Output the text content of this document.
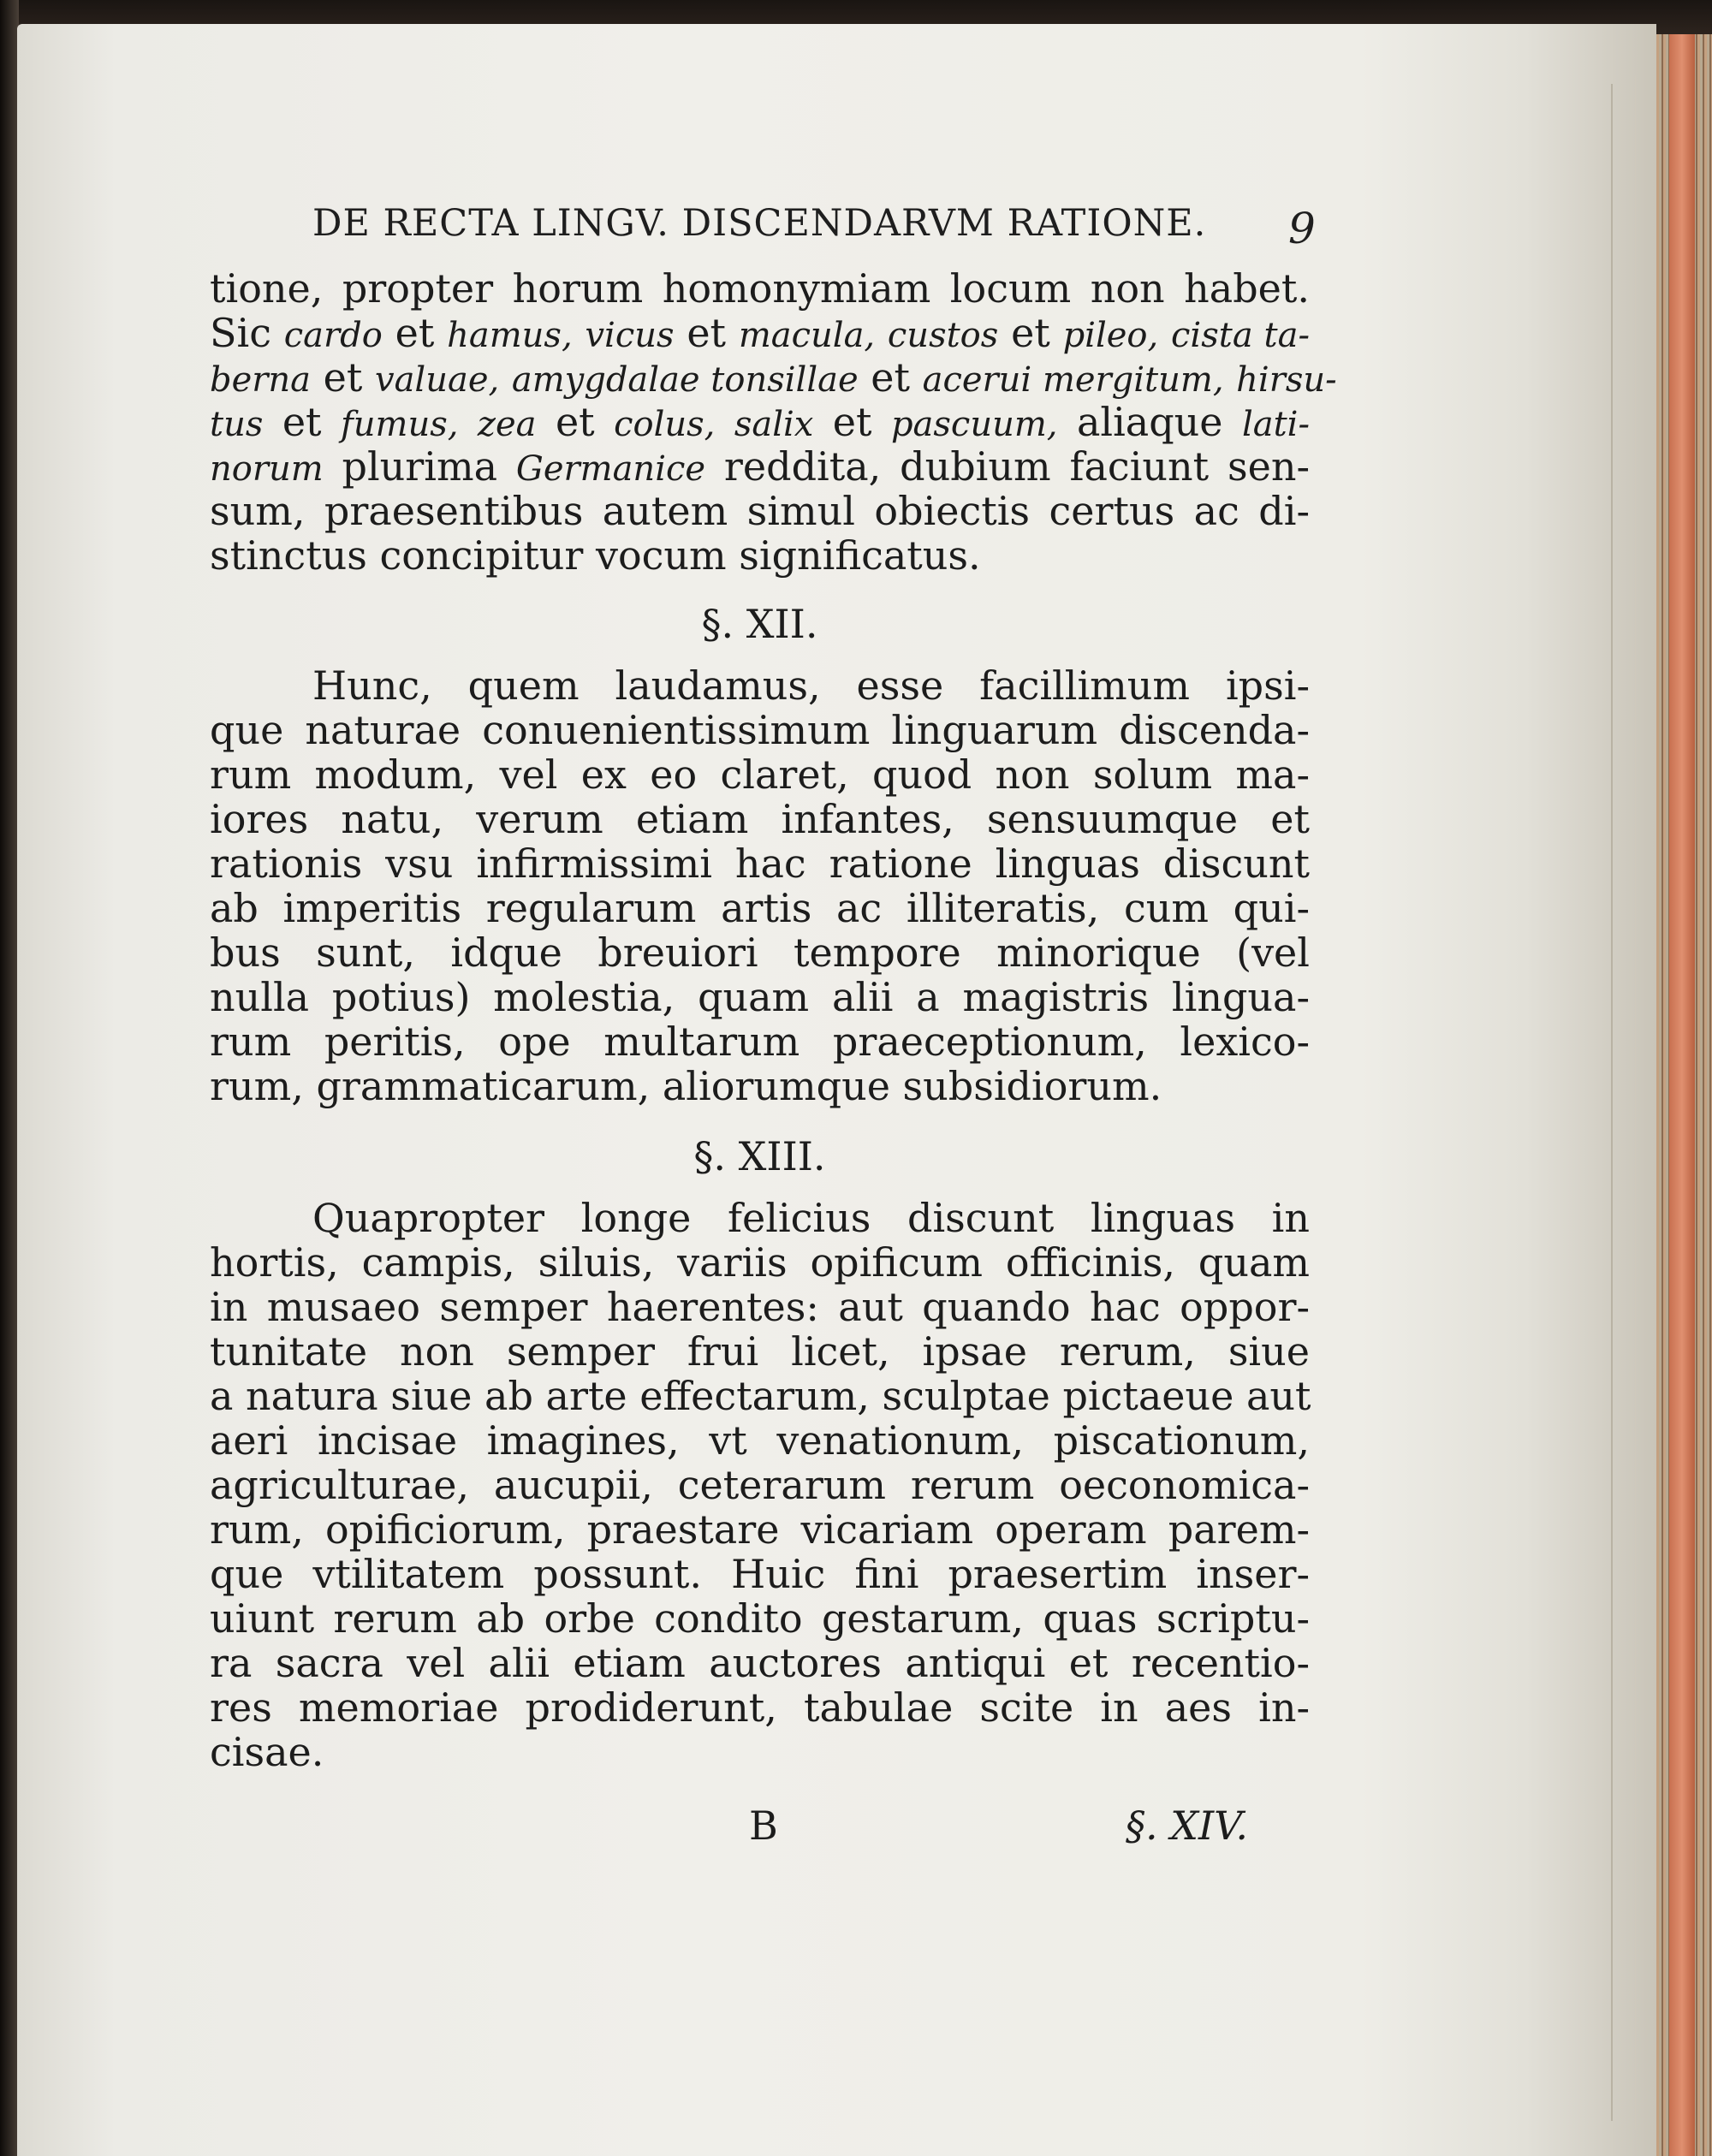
DE RECTA LINGV. DISCENDARVM RATIONE.	9
tione, propter horum homonymiam locum non habet.
Sic cardo et hamus, vicus et macula, custos et pileo, cista ta-
berna et valuae, amygdalae tonsillae et acerui mergitum, hirsu-
tus et fumus, zea et colus, salix et pascuum, aliaque lati-
norum plurima Germanice reddita, dubium faciunt sen-
sum, praesentibus autem simul obiectis certus ac di-
stinctus concipitur vocum significatus.
§. XII.
Hunc, quem laudamus, esse facillimum ipsi-
que naturae conuenientissimum linguarum discenda-
rum modum, vel ex eo claret, quod non solum ma-
iores natu, verum etiam infantes, sensuumque et
rationis vsu infirmissimi hac ratione linguas discunt
ab imperitis regularum artis ac illiteratis, cum qui-
bus sunt, idque breuiori tempore minorique (vel
nulla potius) molestia, quam alii a magistris lingua-
rum peritis, ope multarum praeceptionum, lexico-
rum, grammaticarum, aliorumque subsidiorum.
§. XIII.
Quapropter longe felicius discunt linguas in
hortis, campis, siluis, variis opificum officinis, quam
in musaeo semper haerentes: aut quando hac oppor-
tunitate non semper frui licet, ipsae rerum, siue
a natura siue ab arte effectarum, sculptae pictaeue aut
aeri incisae imagines, vt venationum, piscationum,
agriculturae, aucupii, ceterarum rerum oeconomica-
rum, opificiorum, praestare vicariam operam parem-
que vtilitatem possunt. Huic fini praesertim inser-
uiunt rerum ab orbe condito gestarum, quas scriptu-
ra sacra vel alii etiam auctores antiqui et recentio-
res memoriae prodiderunt, tabulae scite in aes in-
cisae.
B	§. XIV.
